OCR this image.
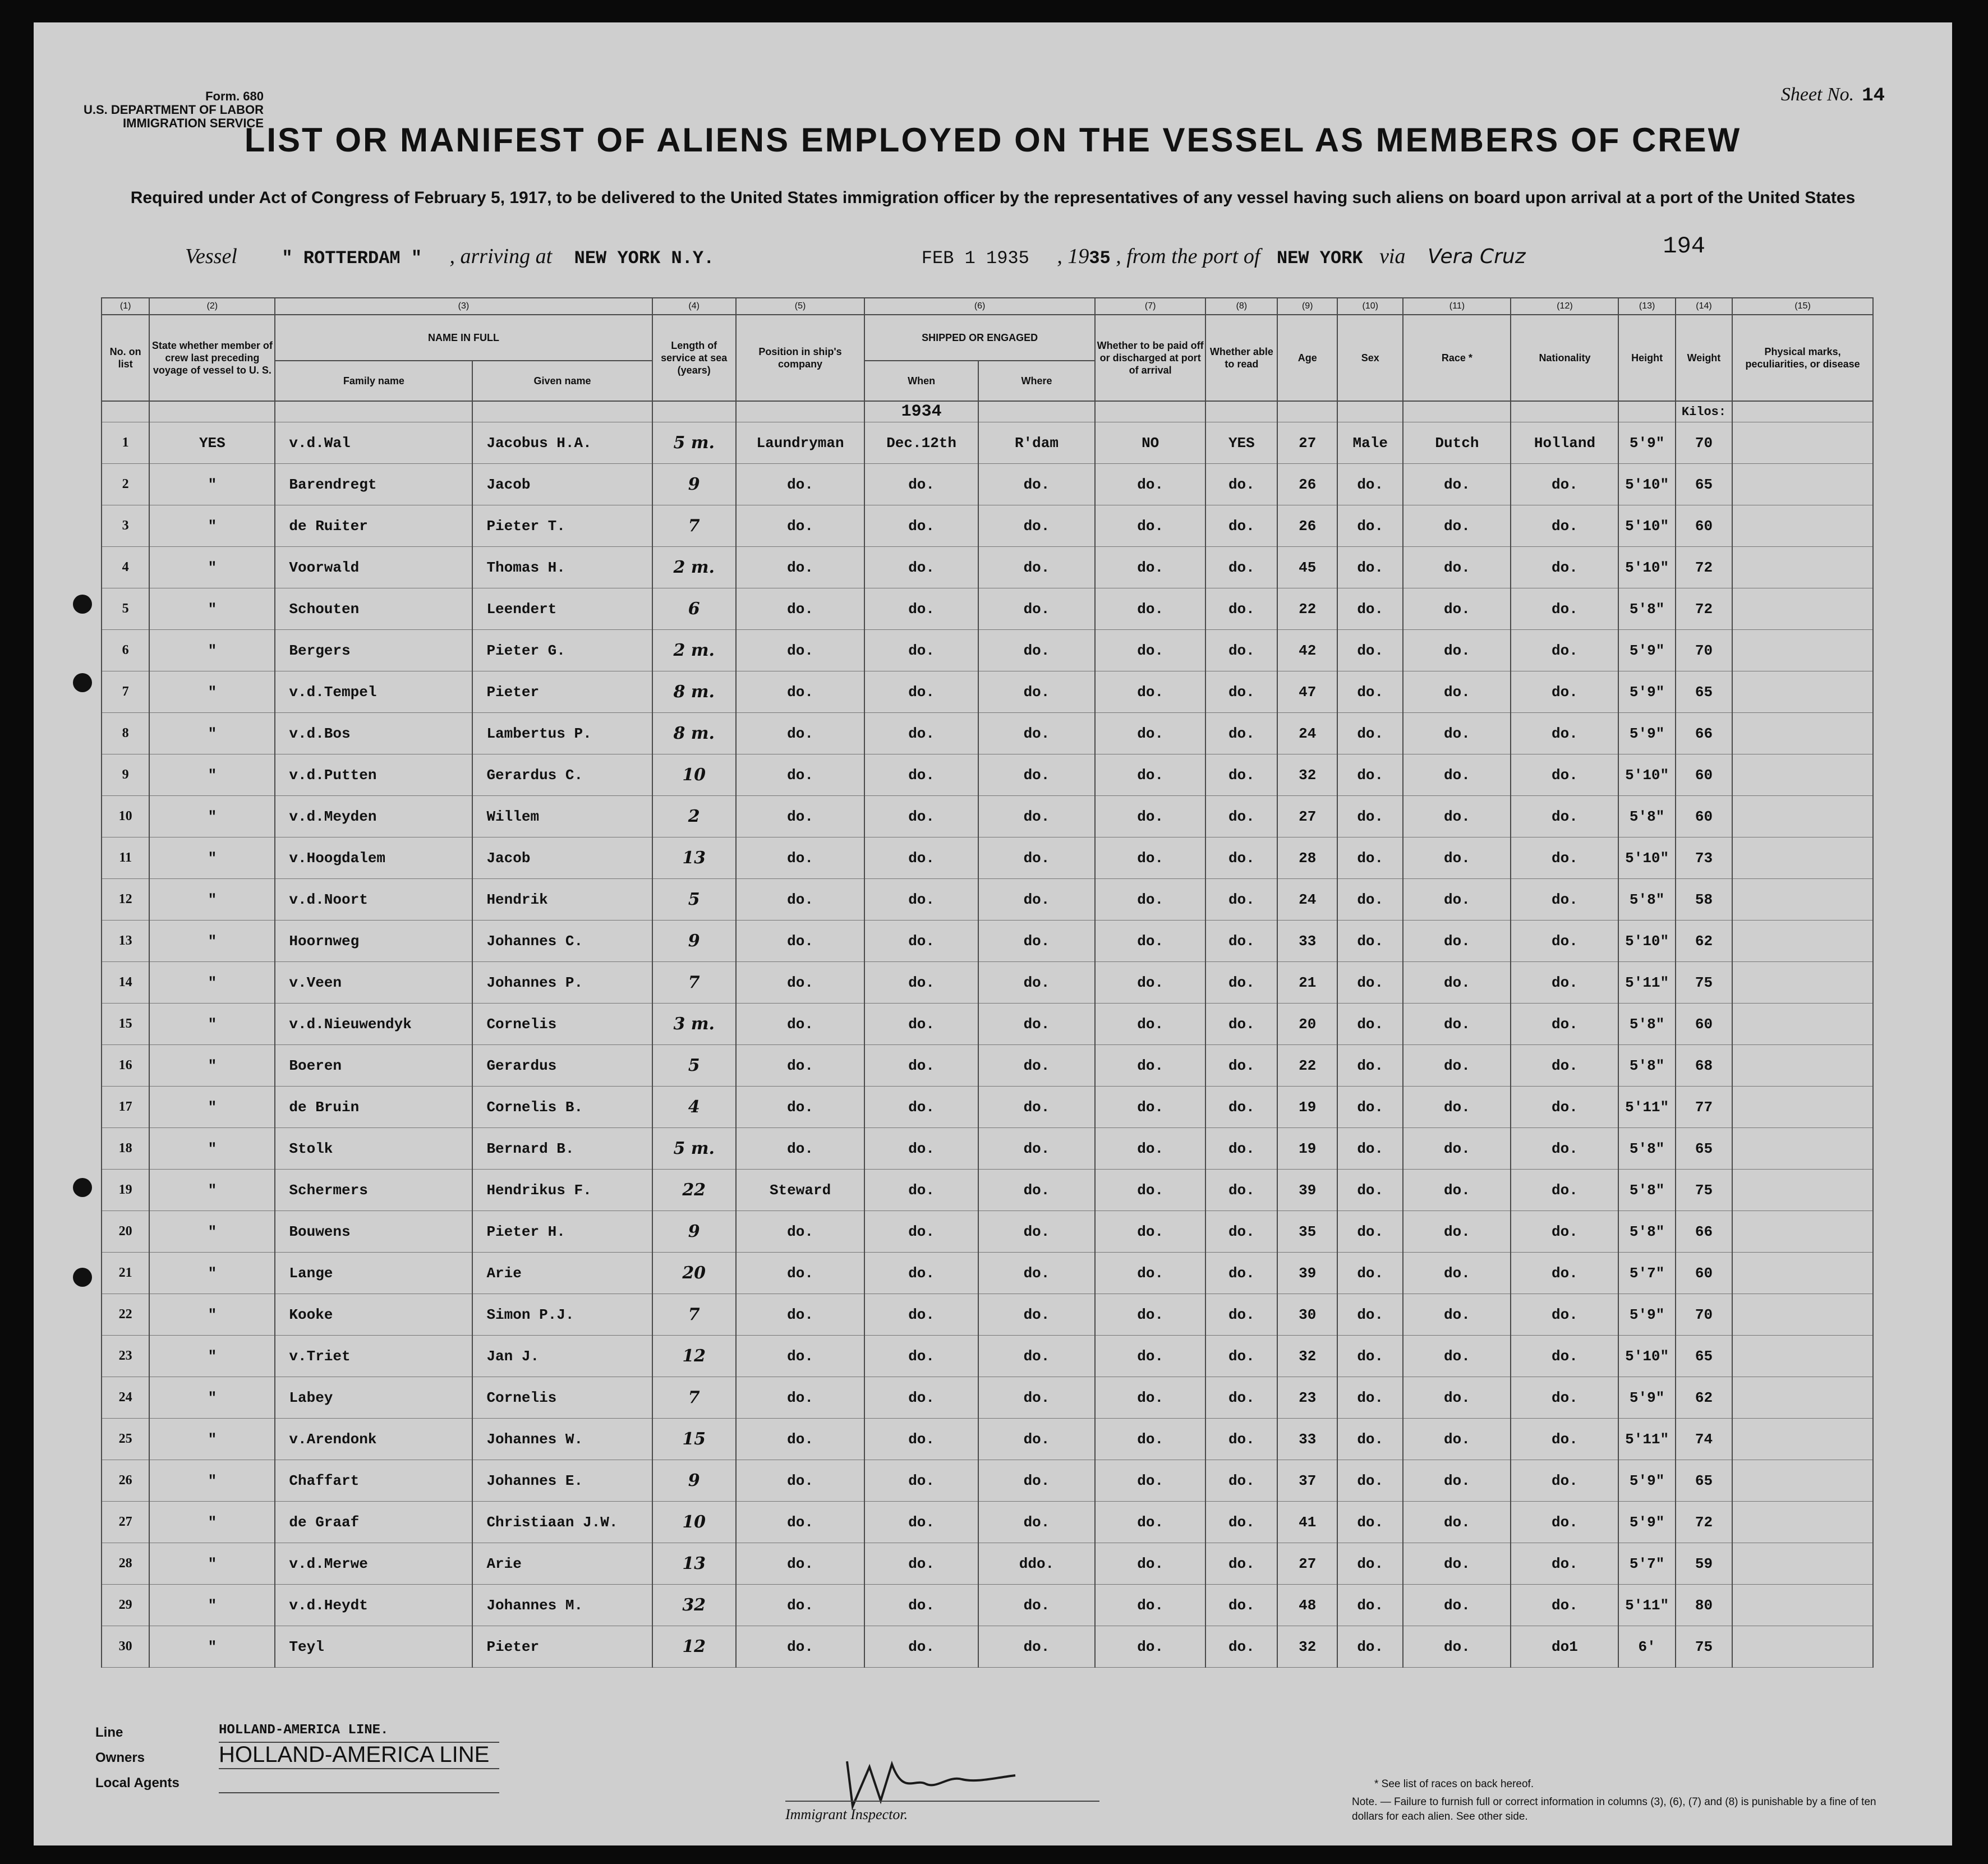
Form. 680
U.S. DEPARTMENT OF LABOR
IMMIGRATION SERVICE
Sheet No. 14
LIST OR MANIFEST OF ALIENS EMPLOYED ON THE VESSEL AS MEMBERS OF CREW
Required under Act of Congress of February 5, 1917, to be delivered to the United States immigration officer by the representatives of any vessel having such aliens on board upon arrival at a port of the United States
Vessel " ROTTERDAM " , arriving at NEW YORK N.Y.	FEB 1 1935 , 1935 , from the port of NEW YORK via Vera Cruz	194
(1)	(2)	(3)		(4)	(5)	(6)		(7)	(8)	(9)	(10)	(11)	(12)	(13)	(14)	(15)	
No. on list	State whether member of crew last preceding voyage of vessel to U. S.	NAME IN FULL		Length of service at sea (years)	Position in ship's company	SHIPPED OR ENGAGED		Whether to be paid off or discharged at port of arrival	Whether able to read	Age	Sex	Race *	Nationality	Height	Weight	Physical marks, peculiarities, or disease	
		Family name	Given name			When	Where										
						1934									Kilos:		
1	YES	v.d.Wal	Jacobus H.A.	5 m.	Laundryman	Dec.12th	R'dam	NO	YES	27	Male	Dutch	Holland	5'9"	70		
2	"	Barendregt	Jacob	9	do.	do.	do.	do.	do.	26	do.	do.	do.	5'10"	65		
3	"	de Ruiter	Pieter T.	7	do.	do.	do.	do.	do.	26	do.	do.	do.	5'10"	60		
4	"	Voorwald	Thomas H.	2 m.	do.	do.	do.	do.	do.	45	do.	do.	do.	5'10"	72		
5	"	Schouten	Leendert	6	do.	do.	do.	do.	do.	22	do.	do.	do.	5'8"	72		
6	"	Bergers	Pieter G.	2 m.	do.	do.	do.	do.	do.	42	do.	do.	do.	5'9"	70		
7	"	v.d.Tempel	Pieter	8 m.	do.	do.	do.	do.	do.	47	do.	do.	do.	5'9"	65		
8	"	v.d.Bos	Lambertus P.	8 m.	do.	do.	do.	do.	do.	24	do.	do.	do.	5'9"	66		
9	"	v.d.Putten	Gerardus C.	10	do.	do.	do.	do.	do.	32	do.	do.	do.	5'10"	60		
10	"	v.d.Meyden	Willem	2	do.	do.	do.	do.	do.	27	do.	do.	do.	5'8"	60		
11	"	v.Hoogdalem	Jacob	13	do.	do.	do.	do.	do.	28	do.	do.	do.	5'10"	73		
12	"	v.d.Noort	Hendrik	5	do.	do.	do.	do.	do.	24	do.	do.	do.	5'8"	58		
13	"	Hoornweg	Johannes C.	9	do.	do.	do.	do.	do.	33	do.	do.	do.	5'10"	62		
14	"	v.Veen	Johannes P.	7	do.	do.	do.	do.	do.	21	do.	do.	do.	5'11"	75		
15	"	v.d.Nieuwendyk	Cornelis	3 m.	do.	do.	do.	do.	do.	20	do.	do.	do.	5'8"	60		
16	"	Boeren	Gerardus	5	do.	do.	do.	do.	do.	22	do.	do.	do.	5'8"	68		
17	"	de Bruin	Cornelis B.	4	do.	do.	do.	do.	do.	19	do.	do.	do.	5'11"	77		
18	"	Stolk	Bernard B.	5 m.	do.	do.	do.	do.	do.	19	do.	do.	do.	5'8"	65		
19	"	Schermers	Hendrikus F.	22	Steward	do.	do.	do.	do.	39	do.	do.	do.	5'8"	75		
20	"	Bouwens	Pieter H.	9	do.	do.	do.	do.	do.	35	do.	do.	do.	5'8"	66		
21	"	Lange	Arie	20	do.	do.	do.	do.	do.	39	do.	do.	do.	5'7"	60		
22	"	Kooke	Simon P.J.	7	do.	do.	do.	do.	do.	30	do.	do.	do.	5'9"	70		
23	"	v.Triet	Jan J.	12	do.	do.	do.	do.	do.	32	do.	do.	do.	5'10"	65		
24	"	Labey	Cornelis	7	do.	do.	do.	do.	do.	23	do.	do.	do.	5'9"	62		
25	"	v.Arendonk	Johannes W.	15	do.	do.	do.	do.	do.	33	do.	do.	do.	5'11"	74		
26	"	Chaffart	Johannes E.	9	do.	do.	do.	do.	do.	37	do.	do.	do.	5'9"	65		
27	"	de Graaf	Christiaan J.W.	10	do.	do.	do.	do.	do.	41	do.	do.	do.	5'9"	72		
28	"	v.d.Merwe	Arie	13	do.	do.	ddo.	do.	do.	27	do.	do.	do.	5'7"	59		
29	"	v.d.Heydt	Johannes M.	32	do.	do.	do.	do.	do.	48	do.	do.	do.	5'11"	80		
30	"	Teyl	Pieter	12	do.	do.	do.	do.	do.	32	do.	do.	do1	6'	75		
Line	HOLLAND-AMERICA LINE.
Owners	HOLLAND-AMERICA LINE
Local Agents
Immigrant Inspector.
* See list of races on back hereof.
Note. — Failure to furnish full or correct information in columns (3), (6), (7) and (8) is punishable by a fine of ten dollars for each alien. See other side.
